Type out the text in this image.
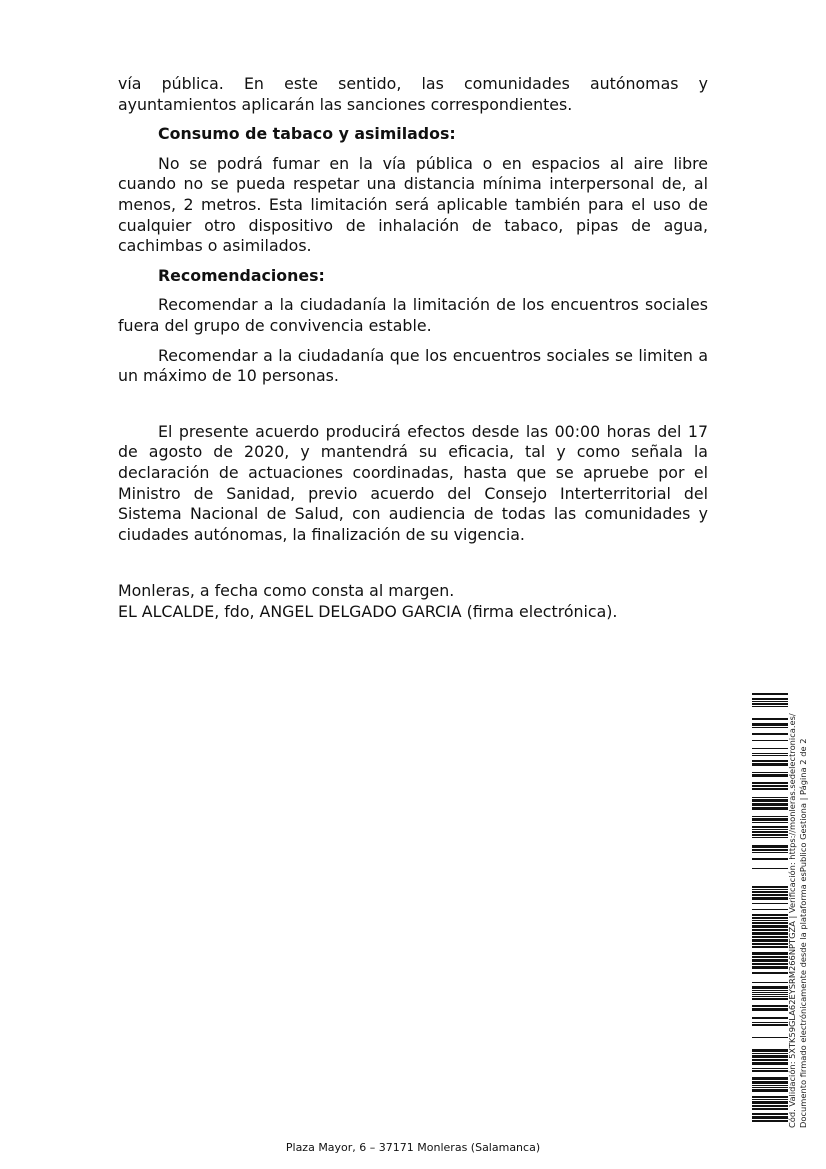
vía pública. En este sentido, las comunidades autónomas y ayuntamientos aplicarán las sanciones correspondientes.

Consumo de tabaco y asimilados:

No se podrá fumar en la vía pública o en espacios al aire libre cuando no se pueda respetar una distancia mínima interpersonal de, al menos, 2 metros. Esta limitación será aplicable también para el uso de cualquier otro dispositivo de inhalación de tabaco, pipas de agua, cachimbas o asimilados.

Recomendaciones:

Recomendar a la ciudadanía la limitación de los encuentros sociales fuera del grupo de convivencia estable.

Recomendar a la ciudadanía que los encuentros sociales se limiten a un máximo de 10 personas.

El presente acuerdo producirá efectos desde las 00:00 horas del 17 de agosto de 2020, y mantendrá su eficacia, tal y como señala la declaración de actuaciones coordinadas, hasta que se apruebe por el Ministro de Sanidad, previo acuerdo del Consejo Interterritorial del Sistema Nacional de Salud, con audiencia de todas las comunidades y ciudades autónomas, la finalización de su vigencia.

Monleras, a fecha como consta al margen.

EL ALCALDE, fdo, ANGEL DELGADO GARCIA (firma electrónica).

Cód. Validación: 5XTK59GLA62EYSRM266NPTGZA | Verificación: https://monleras.sedelectronica.es/ Documento firmado electrónicamente desde la plataforma esPublico Gestiona | Página 2 de 2
Plaza Mayor, 6 – 37171 Monleras (Salamanca)
